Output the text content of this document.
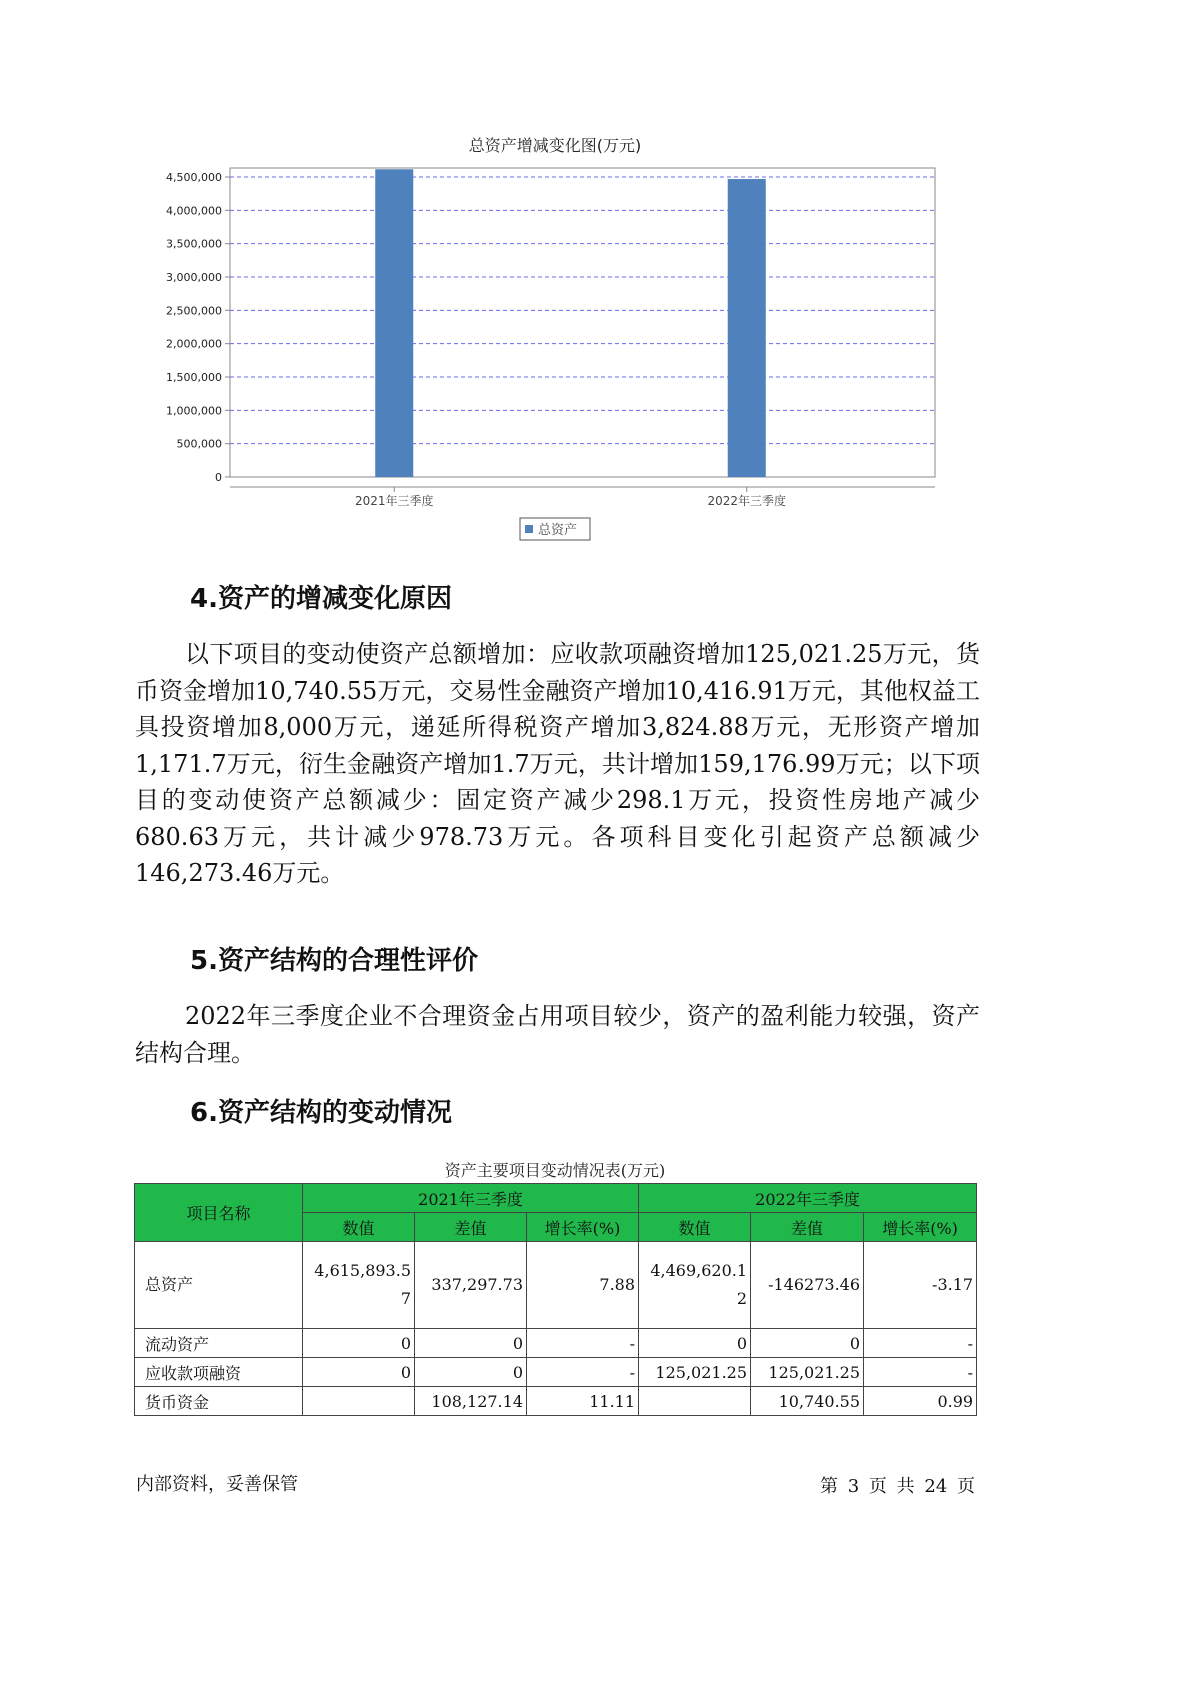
总资产增减变化图(万元)
0
500,000
1,000,000
1,500,000
2,000,000
2,500,000
3,000,000
3,500,000
4,000,000
4,500,000
2021年三季度	2022年三季度
总资产
4.资产的增减变化原因

以下项目的变动使资产总额增加：应收款项融资增加125,021.25万元，货币资金增加10,740.55万元，交易性金融资产增加10,416.91万元，其他权益工具投资增加8,000万元，递延所得税资产增加3,824.88万元，无形资产增加1,171.7万元，衍生金融资产增加1.7万元，共计增加159,176.99万元；以下项目的变动使资产总额减少：固定资产减少298.1万元，投资性房地产减少680.63万元，共计减少978.73万元。各项科目变化引起资产总额减少146,273.46万元。

5.资产结构的合理性评价

2022年三季度企业不合理资金占用项目较少，资产的盈利能力较强，资产结构合理。

6.资产结构的变动情况
资产主要项目变动情况表(万元)
项目名称	2021年三季度			2022年三季度		
	数值	差值	增长率(%)	数值	差值	增长率(%)
总资产	4,615,893.57	337,297.73	7.88	4,469,620.12	-146273.46	-3.17
流动资产	0	0	-	0	0	-
应收款项融资	0	0	-	125,021.25	125,021.25	-
货币资金		108,127.14	11.11		10,740.55	0.99
内部资料，妥善保管	第 3 页 共 24 页
